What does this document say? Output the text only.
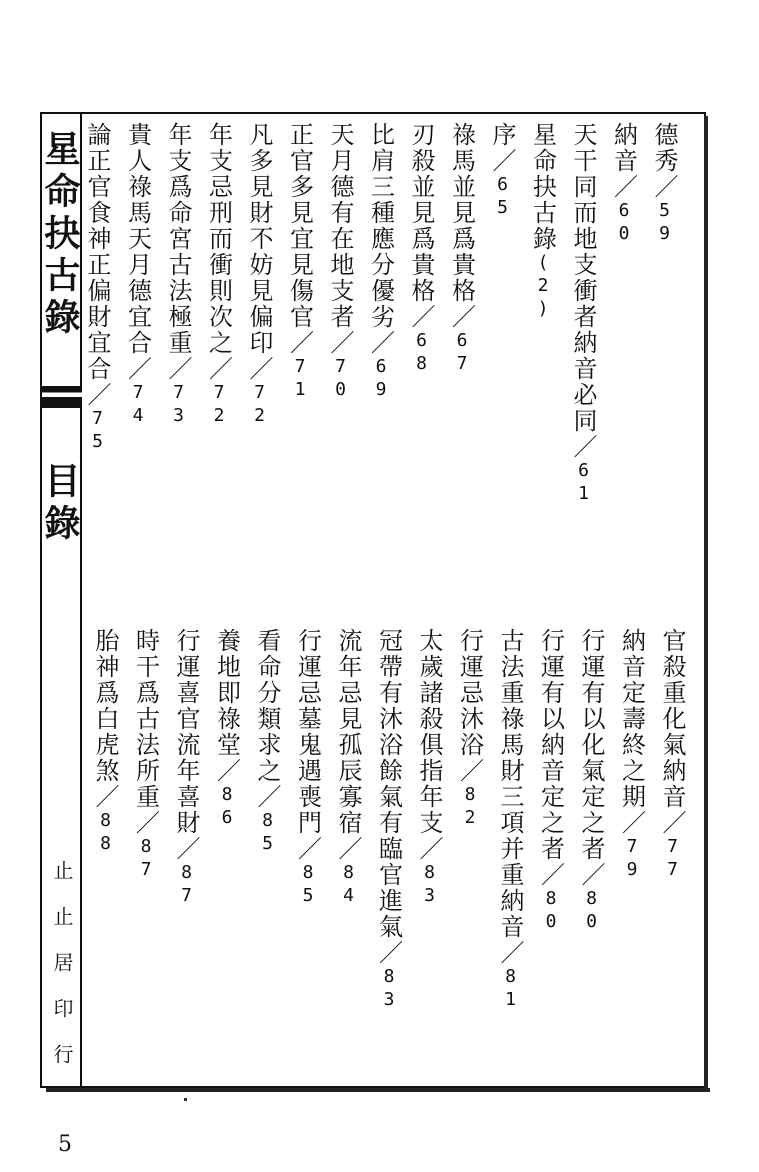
星命抉古錄
目錄
德秀／59
納音／60
天干同而地支衝者納音必同／61
星命抉古錄(2)
序／65
祿馬並見爲貴格／67
刃殺並見爲貴格／68
比肩三種應分優劣／69
天月德有在地支者／70
正官多見宜見傷官／71
凡多見財不妨見偏印／72
年支忌刑而衝則次之／72
年支爲命宮古法極重／73
貴人祿馬天月德宜合／74
論正官食神正偏財宜合／75
官殺重化氣納音／77
納音定壽終之期／79
行運有以化氣定之者／80
行運有以納音定之者／80
古法重祿馬財三項并重納音／81
行運忌沐浴／82
太歲諸殺俱指年支／83
冠帶有沐浴餘氣有臨官進氣／83
流年忌見孤辰寡宿／84
行運忌墓鬼遇喪門／85
看命分類求之／85
養地即祿堂／86
行運喜官流年喜財／87
時干爲古法所重／87
胎神爲白虎煞／88
止止居印行
5
